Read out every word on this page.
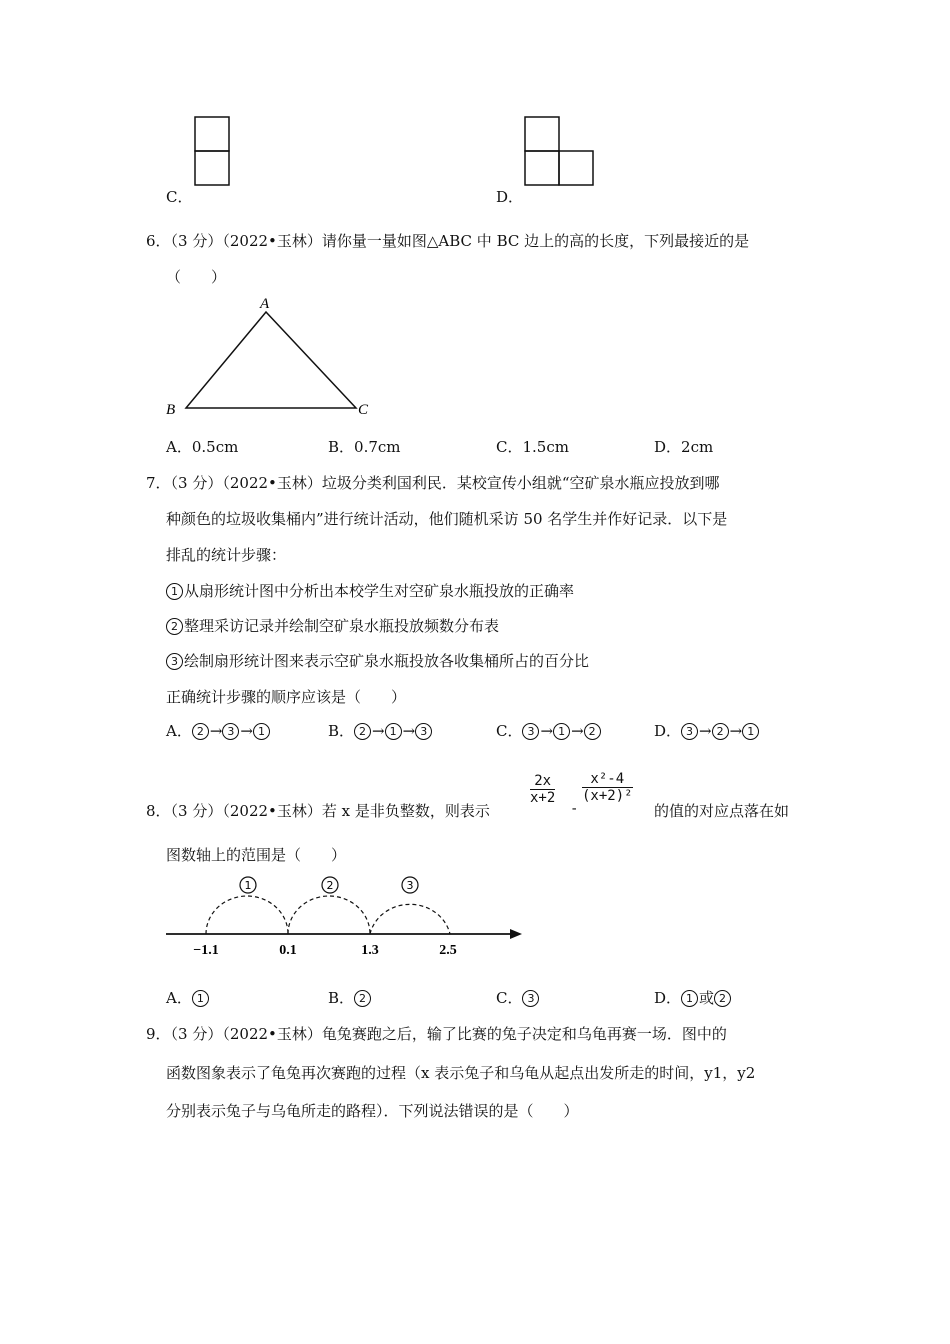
C．	D．
6．（3 分）（2022•玉林）请你量一量如图△ABC 中 BC 边上的高的长度，下列最接近的是
（　　）
A
B	C
A．0.5cm	B．0.7cm	C．1.5cm	D．2cm
7．（3 分）（2022•玉林）垃圾分类利国利民．某校宣传小组就“空矿泉水瓶应投放到哪
种颜色的垃圾收集桶内”进行统计活动，他们随机采访 50 名学生并作好记录．以下是
排乱的统计步骤：
1 从扇形统计图中分析出本校学生对空矿泉水瓶投放的正确率
2 整理采访记录并绘制空矿泉水瓶投放频数分布表
3 绘制扇形统计图来表示空矿泉水瓶投放各收集桶所占的百分比
正确统计步骤的顺序应该是（　　）
A． 2 → 3 → 1	B． 2 → 1 → 3	C． 3 → 1 → 2	D． 3 → 2 → 1
8．（3 分）（2022•玉林）若 x 是非负整数，则表示
$\frac{2x}{x+2}$
-
$\frac{\text{x²-4}}{\text{(x+2)²}}$
的值的对应点落在如
图数轴上的范围是（　　）
1	2	3
−1.1	0.1	1.3	2.5
A． 1	B． 2	C． 3	D． 1 或 2
9．（3 分）（2022•玉林）龟兔赛跑之后，输了比赛的兔子决定和乌龟再赛一场．图中的
函数图象表示了龟兔再次赛跑的过程（x 表示兔子和乌龟从起点出发所走的时间，y1，y2
分别表示兔子与乌龟所走的路程）．下列说法错误的是（　　）
